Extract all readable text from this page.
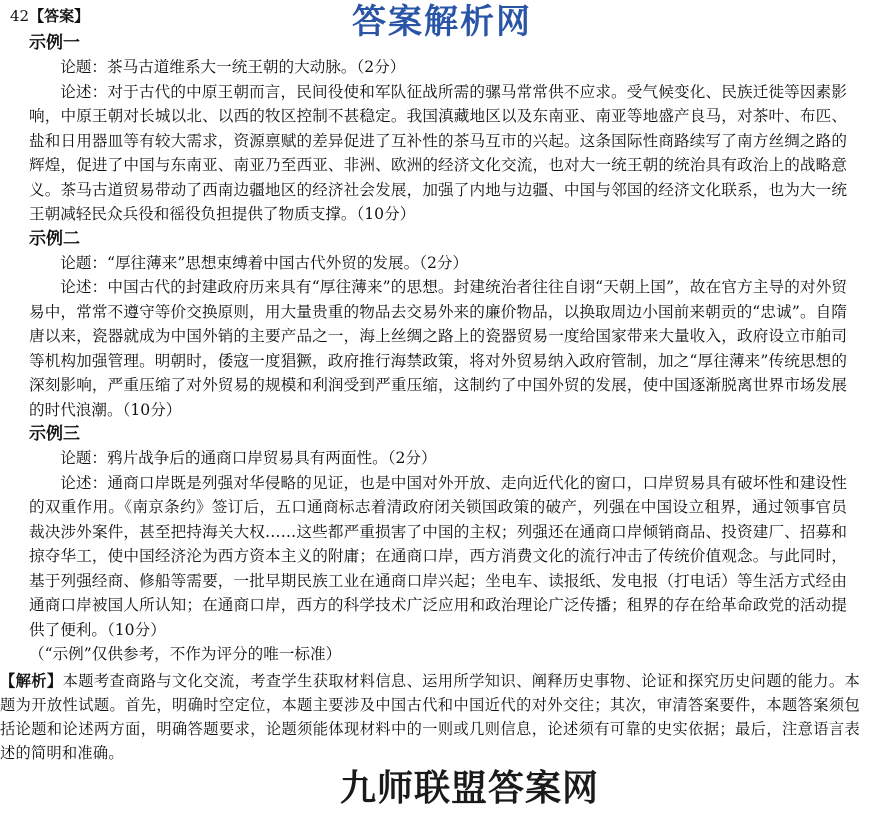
42【答案】	答案解析网

示例一

论题：茶马古道维系大一统王朝的大动脉。（2分）

论述：对于古代的中原王朝而言，民间役使和军队征战所需的骡马常常供不应求。受气候变化、民族迁徙等因素影响，中原王朝对长城以北、以西的牧区控制不甚稳定。我国滇藏地区以及东南亚、南亚等地盛产良马，对茶叶、布匹、盐和日用器皿等有较大需求，资源禀赋的差异促进了互补性的茶马互市的兴起。这条国际性商路续写了南方丝绸之路的辉煌，促进了中国与东南亚、南亚乃至西亚、非洲、欧洲的经济文化交流，也对大一统王朝的统治具有政治上的战略意义。茶马古道贸易带动了西南边疆地区的经济社会发展，加强了内地与边疆、中国与邻国的经济文化联系，也为大一统王朝减轻民众兵役和徭役负担提供了物质支撑。（10分）

示例二

论题：“厚往薄来”思想束缚着中国古代外贸的发展。（2分）

论述：中国古代的封建政府历来具有“厚往薄来”的思想。封建统治者往往自诩“天朝上国”，故在官方主导的对外贸易中，常常不遵守等价交换原则，用大量贵重的物品去交易外来的廉价物品，以换取周边小国前来朝贡的“忠诚”。自隋唐以来，瓷器就成为中国外销的主要产品之一，海上丝绸之路上的瓷器贸易一度给国家带来大量收入，政府设立市舶司等机构加强管理。明朝时，倭寇一度猖獗，政府推行海禁政策，将对外贸易纳入政府管制，加之“厚往薄来”传统思想的深刻影响，严重压缩了对外贸易的规模和利润受到严重压缩，这制约了中国外贸的发展，使中国逐渐脱离世界市场发展的时代浪潮。（10分）

示例三

论题：鸦片战争后的通商口岸贸易具有两面性。（2分）

论述：通商口岸既是列强对华侵略的见证，也是中国对外开放、走向近代化的窗口，口岸贸易具有破坏性和建设性的双重作用。《南京条约》签订后，五口通商标志着清政府闭关锁国政策的破产，列强在中国设立租界，通过领事官员裁决涉外案件，甚至把持海关大权……这些都严重损害了中国的主权；列强还在通商口岸倾销商品、投资建厂、招募和掠夺华工，使中国经济沦为西方资本主义的附庸；在通商口岸，西方消费文化的流行冲击了传统价值观念。与此同时，基于列强经商、修船等需要，一批早期民族工业在通商口岸兴起；坐电车、读报纸、发电报（打电话）等生活方式经由通商口岸被国人所认知；在通商口岸，西方的科学技术广泛应用和政治理论广泛传播；租界的存在给革命政党的活动提供了便利。（10分）

（“示例”仅供参考，不作为评分的唯一标准）

【解析】本题考查商路与文化交流，考查学生获取材料信息、运用所学知识、阐释历史事物、论证和探究历史问题的能力。本题为开放性试题。首先，明确时空定位，本题主要涉及中国古代和中国近代的对外交往；其次，审清答案要件，本题答案须包括论题和论述两方面，明确答题要求，论题须能体现材料中的一则或几则信息，论述须有可靠的史实依据；最后，注意语言表述的简明和准确。

九师联盟答案网
